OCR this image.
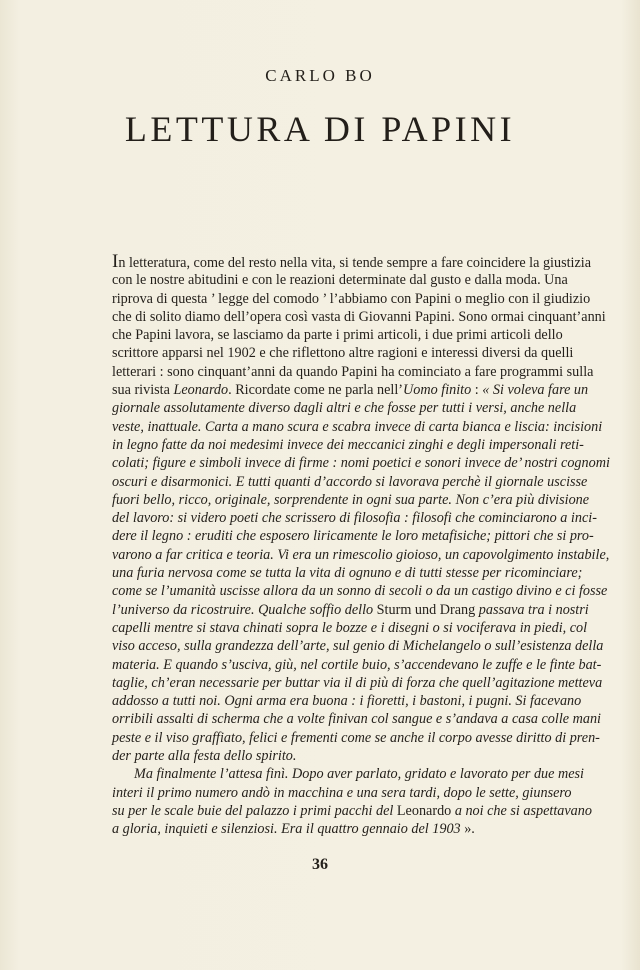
CARLO BO
LETTURA DI PAPINI
In letteratura, come del resto nella vita, si tende sempre a fare coincidere la giustizia
con le nostre abitudini e con le reazioni determinate dal gusto e dalla moda. Una
riprova di questa ’ legge del comodo ’ l’abbiamo con Papini o meglio con il giudizio
che di solito diamo dell’opera così vasta di Giovanni Papini. Sono ormai cinquant’anni
che Papini lavora, se lasciamo da parte i primi articoli, i due primi articoli dello
scrittore apparsi nel 1902 e che riflettono altre ragioni e interessi diversi da quelli
letterari : sono cinquant’anni da quando Papini ha cominciato a fare programmi sulla
sua rivista Leonardo. Ricordate come ne parla nell’Uomo finito : « Si voleva fare un
giornale assolutamente diverso dagli altri e che fosse per tutti i versi, anche nella
veste, inattuale. Carta a mano scura e scabra invece di carta bianca e liscia: incisioni
in legno fatte da noi medesimi invece dei meccanici zinghi e degli impersonali reti-
colati; figure e simboli invece di firme : nomi poetici e sonori invece de’ nostri cognomi
oscuri e disarmonici. E tutti quanti d’accordo si lavorava perchè il giornale uscisse
fuori bello, ricco, originale, sorprendente in ogni sua parte. Non c’era più divisione
del lavoro: si videro poeti che scrissero di filosofia : filosofi che cominciarono a inci-
dere il legno : eruditi che esposero liricamente le loro metafisiche; pittori che si pro-
varono a far critica e teoria. Vi era un rimescolio gioioso, un capovolgimento instabile,
una furia nervosa come se tutta la vita di ognuno e di tutti stesse per ricominciare;
come se l’umanità uscisse allora da un sonno di secoli o da un castigo divino e ci fosse
l’universo da ricostruire. Qualche soffio dello Sturm und Drang passava tra i nostri
capelli mentre si stava chinati sopra le bozze e i disegni o si vociferava in piedi, col
viso acceso, sulla grandezza dell’arte, sul genio di Michelangelo o sull’esistenza della
materia. E quando s’usciva, giù, nel cortile buio, s’accendevano le zuffe e le finte bat-
taglie, ch’eran necessarie per buttar via il di più di forza che quell’agitazione metteva
addosso a tutti noi. Ogni arma era buona : i fioretti, i bastoni, i pugni. Si facevano
orribili assalti di scherma che a volte finivan col sangue e s’andava a casa colle mani
peste e il viso graffiato, felici e frementi come se anche il corpo avesse diritto di pren-
der parte alla festa dello spirito.
Ma finalmente l’attesa finì. Dopo aver parlato, gridato e lavorato per due mesi
interi il primo numero andò in macchina e una sera tardi, dopo le sette, giunsero
su per le scale buie del palazzo i primi pacchi del Leonardo a noi che si aspettavano
a gloria, inquieti e silenziosi. Era il quattro gennaio del 1903 ».
36
